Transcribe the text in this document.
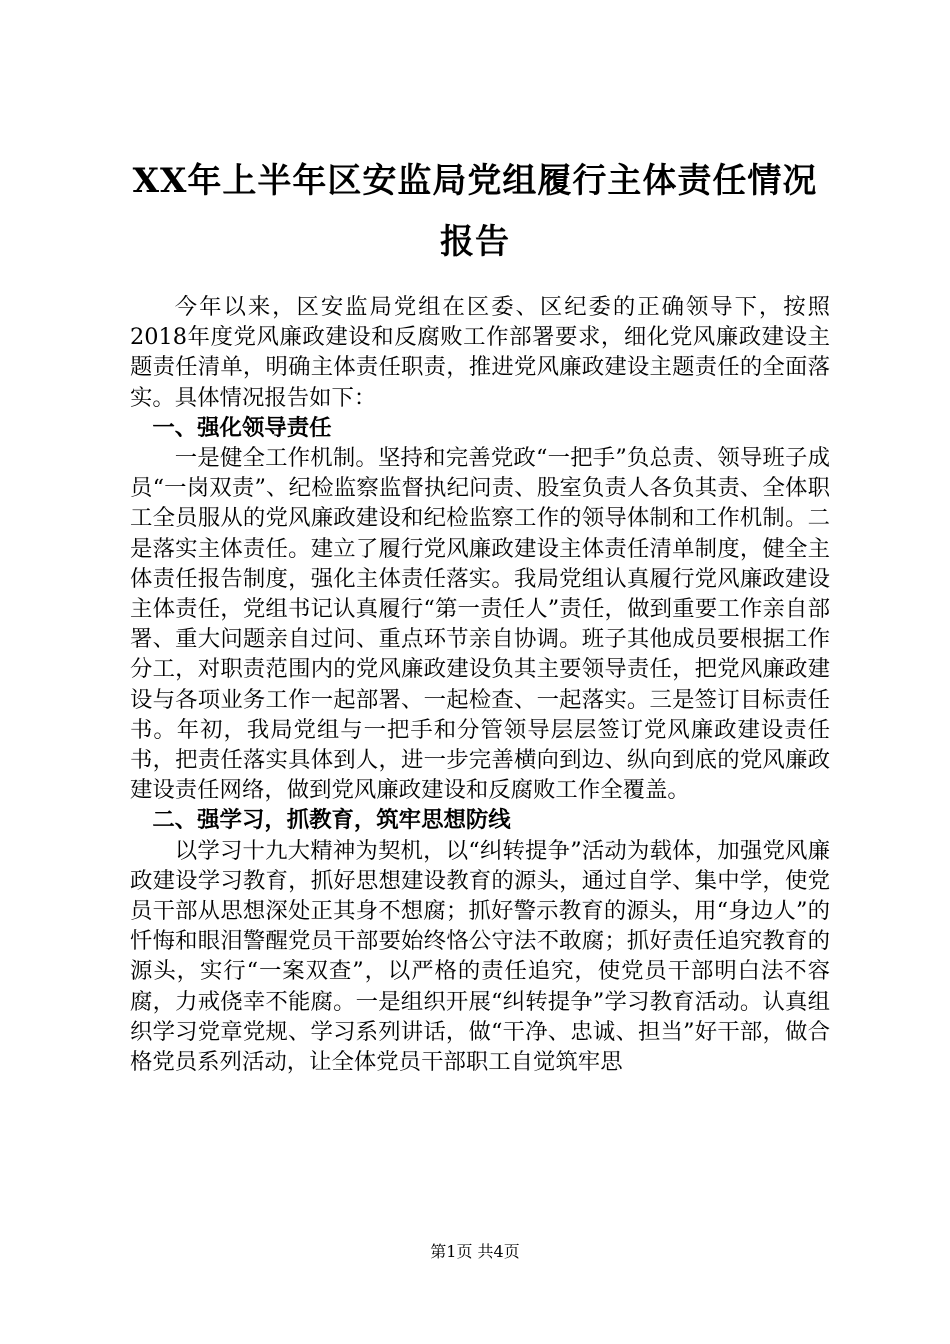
XX年上半年区安监局党组履行主体责任情况
报告

今年以来，区安监局党组在区委、区纪委的正确领导下，按照2018年度党风廉政建设和反腐败工作部署要求，细化党风廉政建设主题责任清单，明确主体责任职责，推进党风廉政建设主题责任的全面落实。具体情况报告如下：

一、强化领导责任

一是健全工作机制。坚持和完善党政“一把手”负总责、领导班子成员“一岗双责”、纪检监察监督执纪问责、股室负责人各负其责、全体职工全员服从的党风廉政建设和纪检监察工作的领导体制和工作机制。二是落实主体责任。建立了履行党风廉政建设主体责任清单制度，健全主体责任报告制度，强化主体责任落实。我局党组认真履行党风廉政建设主体责任，党组书记认真履行“第一责任人”责任，做到重要工作亲自部署、重大问题亲自过问、重点环节亲自协调。班子其他成员要根据工作分工，对职责范围内的党风廉政建设负其主要领导责任，把党风廉政建设与各项业务工作一起部署、一起检查、一起落实。三是签订目标责任书。年初，我局党组与一把手和分管领导层层签订党风廉政建设责任书，把责任落实具体到人，进一步完善横向到边、纵向到底的党风廉政建设责任网络，做到党风廉政建设和反腐败工作全覆盖。

二、强学习，抓教育，筑牢思想防线

以学习十九大精神为契机，以“纠转提争”活动为载体，加强党风廉政建设学习教育，抓好思想建设教育的源头，通过自学、集中学，使党员干部从思想深处正其身不想腐；抓好警示教育的源头，用“身边人”的忏悔和眼泪警醒党员干部要始终恪公守法不敢腐；抓好责任追究教育的源头，实行“一案双查”，以严格的责任追究，使党员干部明白法不容腐，力戒侥幸不能腐。一是组织开展“纠转提争”学习教育活动。认真组织学习党章党规、学习系列讲话，做“干净、忠诚、担当”好干部，做合格党员系列活动，让全体党员干部职工自觉筑牢思

第1页 共4页
